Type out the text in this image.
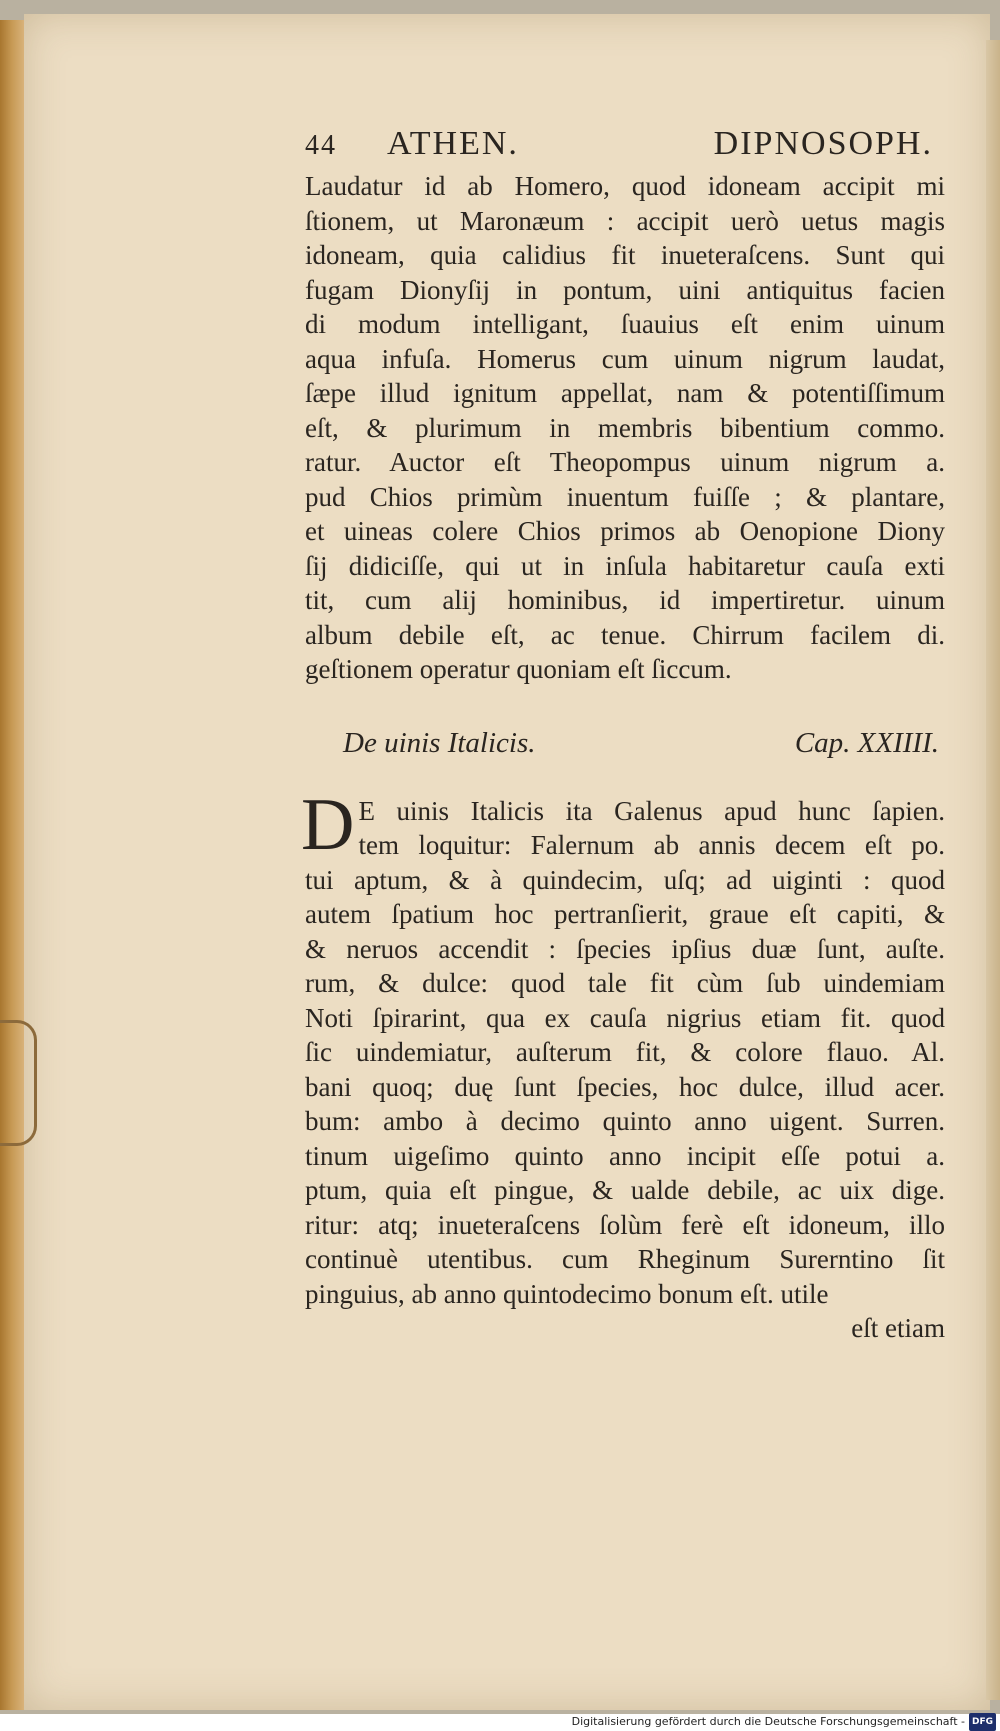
44	ATHEN.	DIPNOSOPH.
Laudatur id ab Homero, quod idoneam accipit mi
ſtionem, ut Maronæum : accipit uerò uetus magis
idoneam, quia calidius fit inueteraſcens. Sunt qui
fugam Dionyſij in pontum, uini antiquitus facien
di modum intelligant, ſuauius eſt enim uinum
aqua infuſa. Homerus cum uinum nigrum laudat,
ſæpe illud ignitum appellat, nam & potentiſſimum
eſt, & plurimum in membris bibentium commo.
ratur. Auctor eſt Theopompus uinum nigrum a.
pud Chios primùm inuentum fuiſſe ; & plantare,
et uineas colere Chios primos ab Oenopione Diony
ſij didiciſſe, qui ut in inſula habitaretur cauſa exti
tit, cum alij hominibus, id impertiretur. uinum
album debile eſt, ac tenue. Chirrum facilem di.
geſtionem operatur quoniam eſt ſiccum.
De uinis Italicis.	Cap. XXIIII.
D E uinis Italicis ita Galenus apud hunc ſapien.
tem loquitur: Falernum ab annis decem eſt po.
tui aptum, & à quindecim, uſq; ad uiginti : quod
autem ſpatium hoc pertranſierit, graue eſt capiti, &
& neruos accendit : ſpecies ipſius duæ ſunt, auſte.
rum, & dulce: quod tale fit cùm ſub uindemiam
Noti ſpirarint, qua ex cauſa nigrius etiam fit. quod
ſic uindemiatur, auſterum fit, & colore flauo. Al.
bani quoq; duę ſunt ſpecies, hoc dulce, illud acer.
bum: ambo à decimo quinto anno uigent. Surren.
tinum uigeſimo quinto anno incipit eſſe potui a.
ptum, quia eſt pingue, & ualde debile, ac uix dige.
ritur: atq; inueteraſcens ſolùm ferè eſt idoneum, illo
continuè utentibus. cum Rheginum Surerntino ſit
pinguius, ab anno quintodecimo bonum eſt. utile
eſt etiam
Digitalisierung gefördert durch die Deutsche Forschungsgemeinschaft - DFG
